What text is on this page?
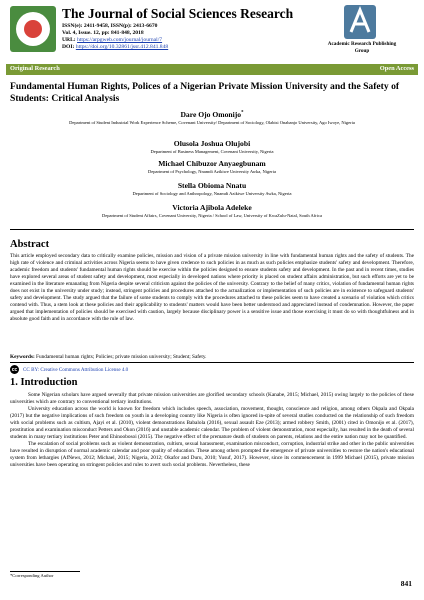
The Journal of Social Sciences Research
ISSN(e): 2411-9458, ISSN(p): 2413-6670
Vol. 4, Issue. 12, pp: 841-848, 2018
URL: https://arpgweb.com/journal/journal/7
DOI: https://doi.org/10.32861/jssr.412.841.848	Academic Research Publishing Group
Original Research	Open Access
Fundamental Human Rights, Polices of a Nigerian Private Mission University and the Safety of Students: Critical Analysis
Dare Ojo Omonijo*
Department of Student Industrial Work Experience Scheme, Covenant University/ Department of Sociology, Olabisi Onabanjo University, Ago Iwoye, Nigeria
Olusola Joshua Olujobi
Department of Business Management, Covenant University, Nigeria
Michael Chibuzor Anyaegbunam
Department of Psychology, Nnamdi Azikiwe University Awka, Nigeria
Stella Obioma Nnatu
Department of Sociology and Anthropology, Nnamdi Azikiwe University Awka, Nigeria
Victoria Ajibola Adeleke
Department of Student Affairs, Covenant University, Nigeria / School of Law, University of KwaZulu-Natal, South Africa
Abstract
This article employed secondary data to critically examine policies, mission and vision of a private mission university in line with fundamental human rights and the safety of students. The high rate of violence and criminal activities across Nigeria seems to have given credence to such policies in as much as such policies emphasize students' safety and development. Therefore, academic freedom and students' fundamental human rights should be exercise within the policies designed to ensure students safety and development. In the past and in recent times, studies have explored several areas of student safety and development, most especially in developed nations where priority is placed on student affairs administration, but such efforts are yet to be examined in the literature emanating from Nigeria despite several criticism against the policies of the university. Contrary to the belief of many critics, violation of fundamental human rights does not exist in the university under study; instead, stringent policies and procedures attached to the actualization or implementation of such policies are in existence to safeguard students' safety and development. The study argued that the failure of some students to comply with the procedures attached to these policies seem to have created a scenario of violation which critics contend with. Thus, a stem look at these policies and their applicability to students' matters would have been better understood and appreciated instead of condemnation. However, the paper argued that implementation of policies should be exercised with caution, largely because disciplinary power is a sensitive issue and those exercising it must do so with thoughtfulness and in absolute good faith and in accordance with the rule of law.
Keywords: Fundamental human rights; Policies; private mission university; Student; Safety.
cc	CC BY: Creative Commons Attribution License 4.0
1. Introduction

Some Nigerian scholars have argued severally that private mission universities are glorified secondary schools (Kanabe, 2015; Michael, 2015) owing largely to the policies of these universities which are contrary to conventional tertiary institutions.

University education across the world is known for freedom which includes speech, association, movement, thought, conscience and religion, among others Okpala and Okpala (2017) but the negative implications of such freedom on youth in a developing country like Nigeria is often ignored in-spite of several studies conducted on the relationship of such freedom with social problems such as cultism, Ajayi et al. (2010), violent demonstrations Babalola (2016), sexual assault Eze (2013); armed robbery Smith, (2001) cited in Omonijo et al. (2017), prostitution and examination misconduct Petters and Okon (2016) and unstable academic calendar. The problem of violent demonstration, most especially, has resulted in the death of several students in many tertiary institutions Peter and Ehinoobosoi (2015). The negative effect of the premature death of students on parents, relations and the entire nation may not be quantified.

The escalation of social problems such as violent demonstration, cultism, sexual harassment, examination misconduct, corruption, industrial strike and other in the public universities have resulted in disruption of normal academic calendar and poor quality of education. These among others prompted the emergence of private universities to restore the nation's educational system from lethargies (AfNews, 2012; Michael, 2015; Nigeria, 2012; Okafor and Duru, 2010; Yusuf, 2017). However, since its commencement in 1999 Michael (2015), private mission universities have been operating on stringent policies and rules to avert such social problems. Nevertheless, these

*Corresponding Author
841
